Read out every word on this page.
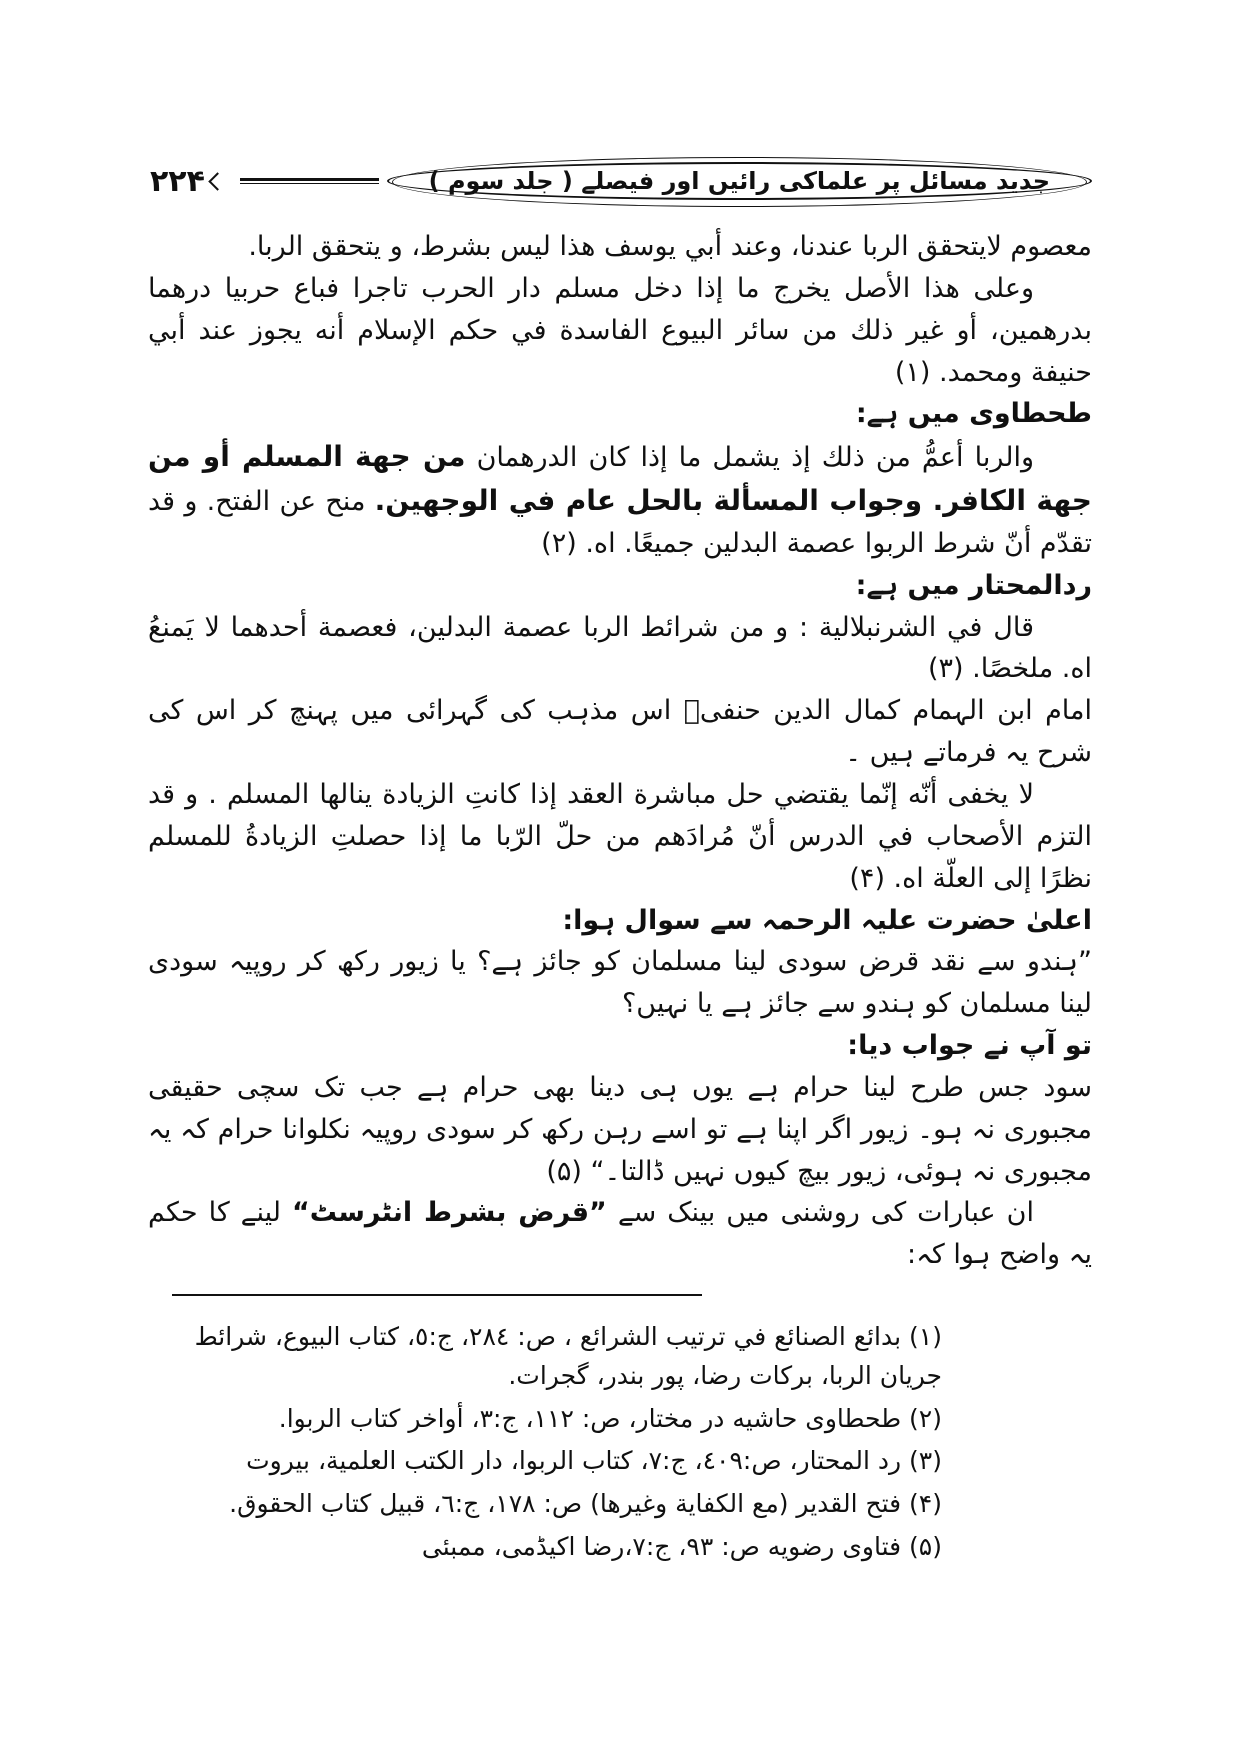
٢٢۴	جدید مسائل پر علماکی رائیں اور فیصلے ( جلد سوم )

معصوم لايتحقق الربا عندنا، وعند أبي يوسف هذا ليس بشرط، و يتحقق الربا.

وعلى هذا الأصل يخرج ما إذا دخل مسلم دار الحرب تاجرا فباع حربيا درهما بدرهمين، أو غير ذلك من سائر البيوع الفاسدة في حكم الإسلام أنه يجوز عند أبي حنيفة ومحمد. (١)

طحطاوی میں ہے:

والربا أعمُّ من ذلك إذ يشمل ما إذا كان الدرهمان من جهة المسلم أو من جهة الكافر. وجواب المسألة بالحل عام في الوجهين. منح عن الفتح. و قد تقدّم أنّ شرط الربوا عصمة البدلين جميعًا. اه. (٢)

ردالمحتار میں ہے:

قال في الشرنبلالية : و من شرائط الربا عصمة البدلين، فعصمة أحدهما لا يَمنعُ اه. ملخصًا. (٣)

امام ابن الہمام کمال الدین حنفیؒ اس مذہب کی گہرائی میں پہنچ کر اس کی شرح یہ فرماتے ہیں ۔

لا يخفى أنّه إنّما يقتضي حل مباشرة العقد إذا كانتِ الزيادة ينالها المسلم . و قد التزم الأصحاب في الدرس أنّ مُرادَهم من حلّ الرّبا ما إذا حصلتِ الزيادةُ للمسلم نظرًا إلى العلّة اه. (۴)

اعلیٰ حضرت علیہ الرحمہ سے سوال ہوا:

”ہندو سے نقد قرض سودی لینا مسلمان کو جائز ہے؟ یا زیور رکھ کر روپیہ سودی لینا مسلمان کو ہندو سے جائز ہے یا نہیں؟

تو آپ نے جواب دیا:

سود جس طرح لینا حرام ہے یوں ہی دینا بھی حرام ہے جب تک سچی حقیقی مجبوری نہ ہو۔ زیور اگر اپنا ہے تو اسے رہن رکھ کر سودی روپیہ نکلوانا حرام کہ یہ مجبوری نہ ہوئی، زیور بیچ کیوں نہیں ڈالتا۔“ (۵)

ان عبارات کی روشنی میں بینک سے ”قرض بشرط انٹرسٹ“ لینے کا حکم یہ واضح ہوا کہ:

(١) بدائع الصنائع في ترتيب الشرائع ، ص: ٢٨٤، ج:٥، كتاب البيوع، شرائط جريان الربا، بركات رضا، پور بندر، گجرات.

(٢) طحطاوى حاشيه در مختار، ص: ١١٢، ج:٣، أواخر كتاب الربوا.

(٣) رد المحتار، ص:٤٠٩، ج:٧، كتاب الربوا، دار الكتب العلمية، بيروت

(۴) فتح القدير (مع الكفاية وغيرها) ص: ١٧٨، ج:٦، قبيل كتاب الحقوق.

(۵) فتاوى رضويه ص: ٩٣، ج:٧،رضا اكيڈمى، ممبئى
